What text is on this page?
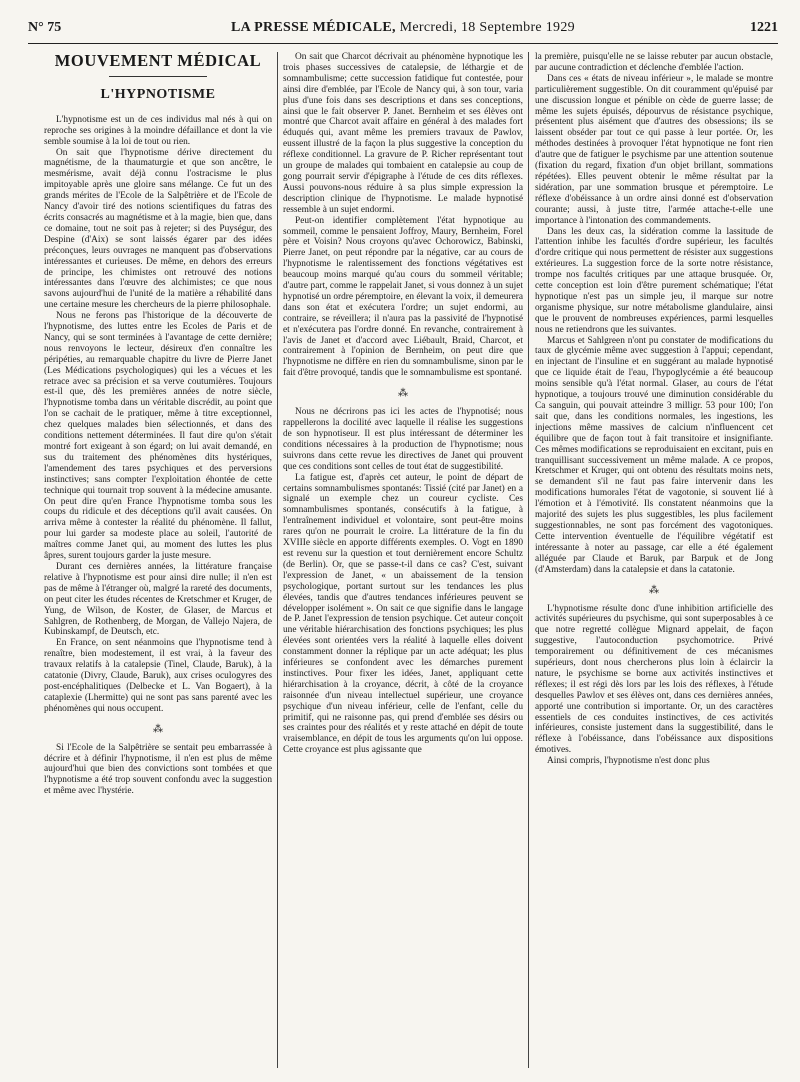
N° 75	LA PRESSE MÉDICALE, Mercredi, 18 Septembre 1929	1221
MOUVEMENT MÉDICAL
L'HYPNOTISME

L'hypnotisme est un de ces individus mal nés à qui on reproche ses origines à la moindre défaillance et dont la vie semble soumise à la loi de tout ou rien.

On sait que l'hypnotisme dérive directement du magnétisme, de la thaumaturgie et que son ancêtre, le mesmérisme, avait déjà connu l'ostracisme le plus impitoyable après une gloire sans mélange. Ce fut un des grands mérites de l'Ecole de la Salpêtrière et de l'Ecole de Nancy d'avoir tiré des notions scientifiques du fatras des écrits consacrés au magnétisme et à la magie, bien que, dans ce domaine, tout ne soit pas à rejeter; si des Puységur, des Despine (d'Aix) se sont laissés égarer par des idées préconçues, leurs ouvrages ne manquent pas d'observations intéressantes et curieuses. De même, en dehors des erreurs de principe, les chimistes ont retrouvé des notions intéressantes dans l'œuvre des alchimistes; ce que nous savons aujourd'hui de l'unité de la matière a réhabilité dans une certaine mesure les chercheurs de la pierre philosophale.

Nous ne ferons pas l'historique de la découverte de l'hypnotisme, des luttes entre les Ecoles de Paris et de Nancy, qui se sont terminées à l'avantage de cette dernière; nous renvoyons le lecteur, désireux d'en connaître les péripéties, au remarquable chapitre du livre de Pierre Janet (Les Médications psychologiques) qui les a vécues et les retrace avec sa précision et sa verve coutumières. Toujours est-il que, dès les premières années de notre siècle, l'hypnotisme tomba dans un véritable discrédit, au point que l'on se cachait de le pratiquer, même à titre exceptionnel, chez quelques malades bien sélectionnés, et dans des conditions nettement déterminées. Il faut dire qu'on s'était montré fort exigeant à son égard; on lui avait demandé, en sus du traitement des phénomènes dits hystériques, l'amendement des tares psychiques et des perversions instinctives; sans compter l'exploitation éhontée de cette technique qui tournait trop souvent à la médecine amusante. On peut dire qu'en France l'hypnotisme tomba sous les coups du ridicule et des déceptions qu'il avait causées. On arriva même à contester la réalité du phénomène. Il fallut, pour lui garder sa modeste place au soleil, l'autorité de maîtres comme Janet qui, au moment des luttes les plus âpres, surent toujours garder la juste mesure.

Durant ces dernières années, la littérature française relative à l'hypnotisme est pour ainsi dire nulle; il n'en est pas de même à l'étranger où, malgré la rareté des documents, on peut citer les études récentes de Kretschmer et Kruger, de Yung, de Wilson, de Koster, de Glaser, de Marcus et Sahlgren, de Rothenberg, de Morgan, de Vallejo Najera, de Kubinskampf, de Deutsch, etc.

En France, on sent néanmoins que l'hypnotisme tend à renaître, bien modestement, il est vrai, à la faveur des travaux relatifs à la catalepsie (Tinel, Claude, Baruk), à la catatonie (Divry, Claude, Baruk), aux crises oculogyres des post-encéphalitiques (Delbecke et L. Van Bogaert), à la cataplexie (Lhermitte) qui ne sont pas sans parenté avec les phénomènes qui nous occupent.

⁂

Si l'Ecole de la Salpêtrière se sentait peu embarrassée à décrire et à définir l'hypnotisme, il n'en est plus de même aujourd'hui que bien des convictions sont tombées et que l'hypnotisme a été trop souvent confondu avec la suggestion et même avec l'hystérie.

On sait que Charcot décrivait au phénomène hypnotique les trois phases successives de catalepsie, de léthargie et de somnambulisme; cette succession fatidique fut contestée, pour ainsi dire d'emblée, par l'Ecole de Nancy qui, à son tour, varia plus d'une fois dans ses descriptions et dans ses conceptions, ainsi que le fait observer P. Janet. Bernheim et ses élèves ont montré que Charcot avait affaire en général à des malades fort éduqués qui, avant même les premiers travaux de Pawlov, eussent illustré de la façon la plus suggestive la conception du réflexe conditionnel. La gravure de P. Richer représentant tout un groupe de malades qui tombaient en catalepsie au coup de gong pourrait servir d'épigraphe à l'étude de ces dits réflexes. Aussi pouvons-nous réduire à sa plus simple expression la description clinique de l'hypnotisme. Le malade hypnotisé ressemble à un sujet endormi.

Peut-on identifier complètement l'état hypnotique au sommeil, comme le pensaient Joffroy, Maury, Bernheim, Forel père et Voisin? Nous croyons qu'avec Ochorowicz, Babinski, Pierre Janet, on peut répondre par la négative, car au cours de l'hypnotisme le ralentissement des fonctions végétatives est beaucoup moins marqué qu'au cours du sommeil véritable; d'autre part, comme le rappelait Janet, si vous donnez à un sujet hypnotisé un ordre péremptoire, en élevant la voix, il demeurera dans son état et exécutera l'ordre; un sujet endormi, au contraire, se réveillera; il n'aura pas la passivité de l'hypnotisé et n'exécutera pas l'ordre donné. En revanche, contrairement à l'avis de Janet et d'accord avec Liébault, Braid, Charcot, et contrairement à l'opinion de Bernheim, on peut dire que l'hypnotisme ne diffère en rien du somnambulisme, sinon par le fait d'être provoqué, tandis que le somnambulisme est spontané.

⁂

Nous ne décrirons pas ici les actes de l'hypnotisé; nous rappellerons la docilité avec laquelle il réalise les suggestions de son hypnotiseur. Il est plus intéressant de déterminer les conditions nécessaires à la production de l'hypnotisme; nous suivrons dans cette revue les directives de Janet qui prouvent que ces conditions sont celles de tout état de suggestibilité.

La fatigue est, d'après cet auteur, le point de départ de certains somnambulismes spontanés: Tissié (cité par Janet) en a signalé un exemple chez un coureur cycliste. Ces somnambulismes spontanés, consécutifs à la fatigue, à l'entraînement individuel et volontaire, sont peut-être moins rares qu'on ne pourrait le croire. La littérature de la fin du XVIIIe siècle en apporte différents exemples. O. Vogt en 1890 est revenu sur la question et tout dernièrement encore Schultz (de Berlin). Or, que se passe-t-il dans ce cas? C'est, suivant l'expression de Janet, « un abaissement de la tension psychologique, portant surtout sur les tendances les plus élevées, tandis que d'autres tendances inférieures peuvent se développer isolément ». On sait ce que signifie dans le langage de P. Janet l'expression de tension psychique. Cet auteur conçoit une véritable hiérarchisation des fonctions psychiques; les plus élevées sont orientées vers la réalité à laquelle elles doivent constamment donner la réplique par un acte adéquat; les plus inférieures se confondent avec les démarches purement instinctives. Pour fixer les idées, Janet, appliquant cette hiérarchisation à la croyance, décrit, à côté de la croyance raisonnée d'un niveau intellectuel supérieur, une croyance psychique d'un niveau inférieur, celle de l'enfant, celle du primitif, qui ne raisonne pas, qui prend d'emblée ses désirs ou ses craintes pour des réalités et y reste attaché en dépit de toute vraisemblance, en dépit de tous les arguments qu'on lui oppose. Cette croyance est plus agissante que

la première, puisqu'elle ne se laisse rebuter par aucun obstacle, par aucune contradiction et déclenche d'emblée l'action.

Dans ces « états de niveau inférieur », le malade se montre particulièrement suggestible. On dit couramment qu'épuisé par une discussion longue et pénible on cède de guerre lasse; de même les sujets épuisés, dépourvus de résistance psychique, présentent plus aisément que d'autres des obsessions; ils se laissent obséder par tout ce qui passe à leur portée. Or, les méthodes destinées à provoquer l'état hypnotique ne font rien d'autre que de fatiguer le psychisme par une attention soutenue (fixation du regard, fixation d'un objet brillant, sommations répétées). Elles peuvent obtenir le même résultat par la sidération, par une sommation brusque et péremptoire. Le réflexe d'obéissance à un ordre ainsi donné est d'observation courante; aussi, à juste titre, l'armée attache-t-elle une importance à l'intonation des commandements.

Dans les deux cas, la sidération comme la lassitude de l'attention inhibe les facultés d'ordre supérieur, les facultés d'ordre critique qui nous permettent de résister aux suggestions extérieures. La suggestion force de la sorte notre résistance, trompe nos facultés critiques par une attaque brusquée. Or, cette conception est loin d'être purement schématique; l'état hypnotique n'est pas un simple jeu, il marque sur notre organisme physique, sur notre métabolisme glandulaire, ainsi que le prouvent de nombreuses expériences, parmi lesquelles nous ne retiendrons que les suivantes.

Marcus et Sahlgreen n'ont pu constater de modifications du taux de glycémie même avec suggestion à l'appui; cependant, en injectant de l'insuline et en suggérant au malade hypnotisé que ce liquide était de l'eau, l'hypoglycémie a été beaucoup moins sensible qu'à l'état normal. Glaser, au cours de l'état hypnotique, a toujours trouvé une diminution considérable du Ca sanguin, qui pouvait atteindre 3 milligr. 53 pour 100; l'on sait que, dans les conditions normales, les ingestions, les injections même massives de calcium n'influencent cet équilibre que de façon tout à fait transitoire et insignifiante. Ces mêmes modifications se reproduisaient en excitant, puis en tranquillisant successivement un même malade. A ce propos, Kretschmer et Kruger, qui ont obtenu des résultats moins nets, se demandent s'il ne faut pas faire intervenir dans les modifications humorales l'état de vagotonie, si souvent lié à l'émotion et à l'émotivité. Ils constatent néanmoins que la majorité des sujets les plus suggestibles, les plus facilement suggestionnables, ne sont pas forcément des vagotoniques. Cette intervention éventuelle de l'équilibre végétatif est intéressante à noter au passage, car elle a été également alléguée par Claude et Baruk, par Barpuk et de Jong (d'Amsterdam) dans la catalepsie et dans la catatonie.

⁂

L'hypnotisme résulte donc d'une inhibition artificielle des activités supérieures du psychisme, qui sont superposables à ce que notre regretté collègue Mignard appelait, de façon suggestive, l'autoconduction psychomotrice. Privé temporairement ou définitivement de ces mécanismes supérieurs, dont nous chercherons plus loin à éclaircir la nature, le psychisme se borne aux activités instinctives et réflexes; il est régi dès lors par les lois des réflexes, à l'étude desquelles Pawlov et ses élèves ont, dans ces dernières années, apporté une contribution si importante. Or, un des caractères essentiels de ces conduites instinctives, de ces activités inférieures, consiste justement dans la suggestibilité, dans le réflexe à l'obéissance, dans l'obéissance aux dispositions émotives.

Ainsi compris, l'hypnotisme n'est donc plus
